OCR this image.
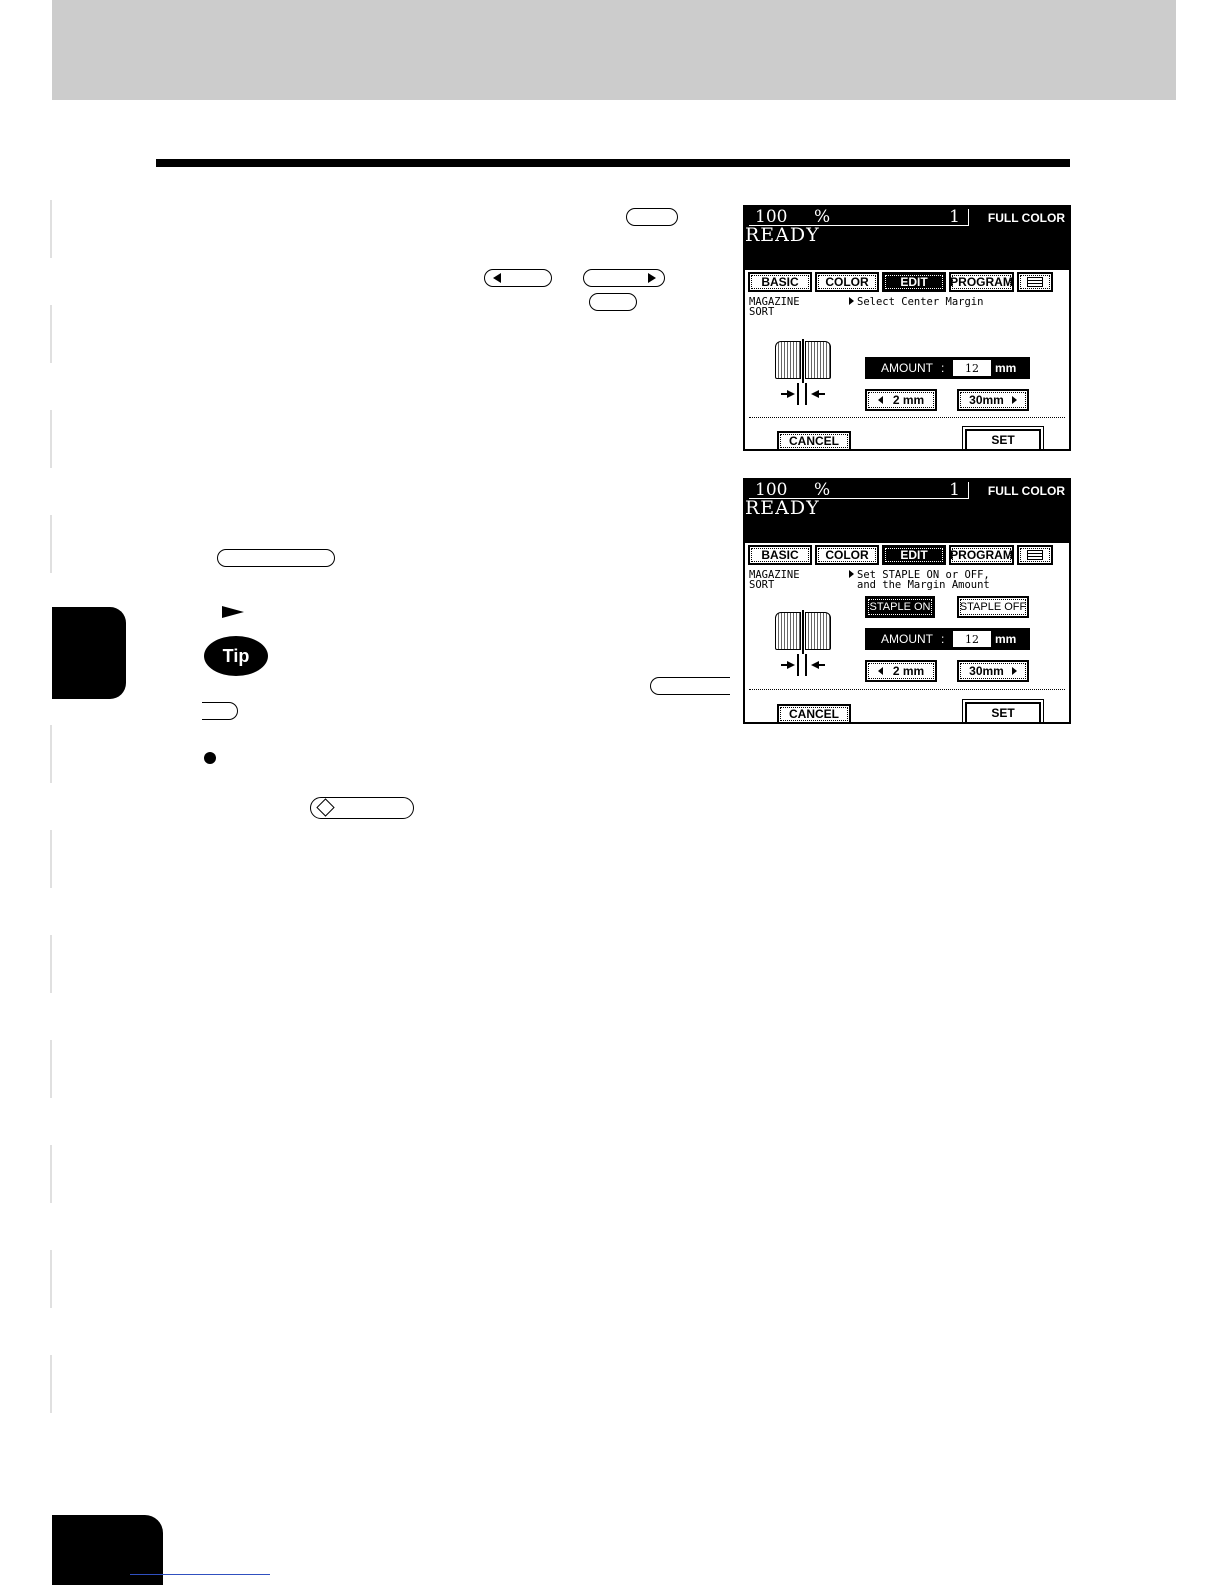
Tip
100 %	1 FULL COLOR
READY
BASIC	COLOR	EDIT	PROGRAM
MAGAZINE
SORT
Select Center Margin
AMOUNT :	12	mm
2 mm	30mm
CANCEL	SET
100 %	1 FULL COLOR
READY
BASIC	COLOR	EDIT	PROGRAM
MAGAZINE
SORT
Set STAPLE ON or OFF,
and the Margin Amount
STAPLE ON	STAPLE OFF
AMOUNT :	12	mm
2 mm	30mm
CANCEL	SET
